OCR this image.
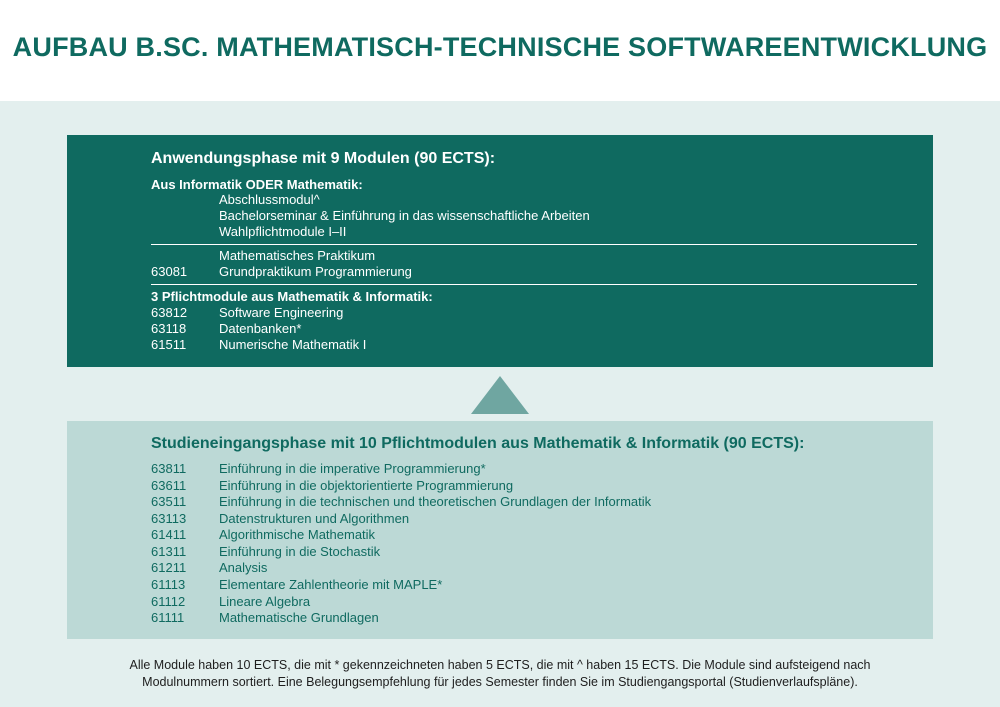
AUFBAU B.SC. MATHEMATISCH-TECHNISCHE SOFTWAREENTWICKLUNG
Anwendungsphase mit 9 Modulen (90 ECTS):
Aus Informatik ODER Mathematik:
Abschlussmodul^
Bachelorseminar & Einführung in das wissenschaftliche Arbeiten
Wahlpflichtmodule I–II
Mathematisches Praktikum
63081 Grundpraktikum Programmierung
3 Pflichtmodule aus Mathematik & Informatik:
63812 Software Engineering
63118	Datenbanken*
61511	Numerische Mathematik I
Studieneingangsphase mit 10 Pflichtmodulen aus Mathematik & Informatik (90 ECTS):
63811	Einführung in die imperative Programmierung*
63611	Einführung in die objektorientierte Programmierung
63511	Einführung in die technischen und theoretischen Grundlagen der Informatik
63113	Datenstrukturen und Algorithmen
61411	Algorithmische Mathematik
61311	Einführung in die Stochastik
61211	Analysis
61113	Elementare Zahlentheorie mit MAPLE*
61112	Lineare Algebra
61111	Mathematische Grundlagen
Alle Module haben 10 ECTS, die mit * gekennzeichneten haben 5 ECTS, die mit ^ haben 15 ECTS. Die Module sind aufsteigend nach
Modulnummern sortiert. Eine Belegungsempfehlung für jedes Semester finden Sie im Studiengangsportal (Studienverlaufspläne).
